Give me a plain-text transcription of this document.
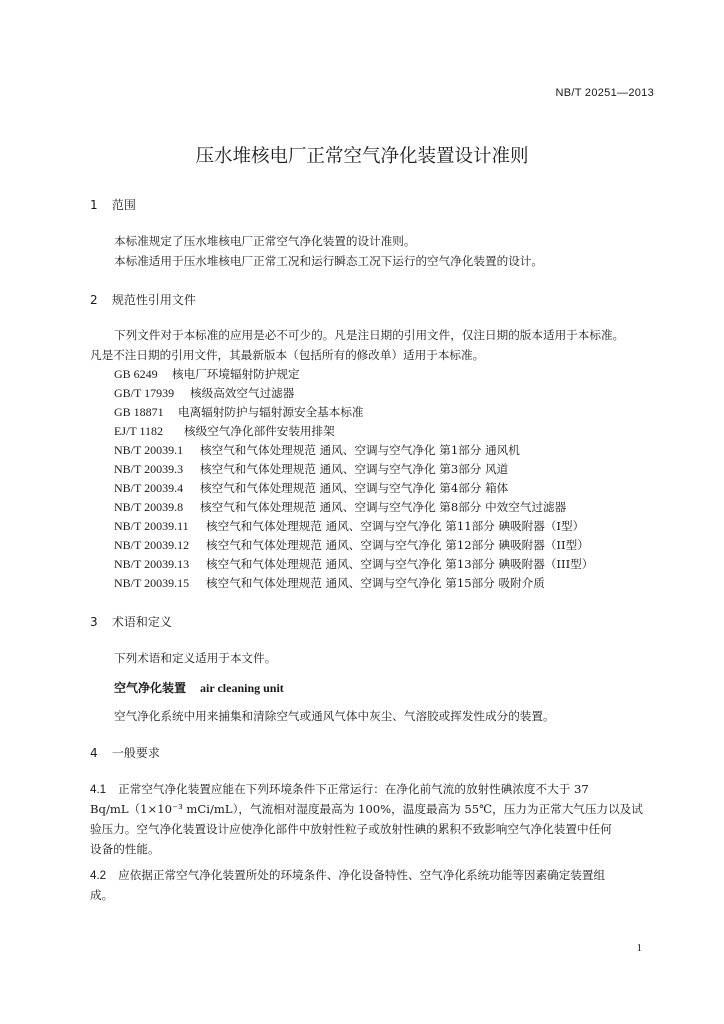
NB/T 20251—2013
压水堆核电厂正常空气净化装置设计准则
1 范围
本标准规定了压水堆核电厂正常空气净化装置的设计准则。
本标准适用于压水堆核电厂正常工况和运行瞬态工况下运行的空气净化装置的设计。
2 规范性引用文件
下列文件对于本标准的应用是必不可少的。凡是注日期的引用文件，仅注日期的版本适用于本标准。
凡是不注日期的引用文件，其最新版本（包括所有的修改单）适用于本标准。
GB 6249 核电厂环境辐射防护规定
GB/T 17939 核级高效空气过滤器
GB 18871 电离辐射防护与辐射源安全基本标准
EJ/T 1182 核级空气净化部件安装用排架
NB/T 20039.1 核空气和气体处理规范 通风、空调与空气净化 第1部分 通风机
NB/T 20039.3 核空气和气体处理规范 通风、空调与空气净化 第3部分 风道
NB/T 20039.4 核空气和气体处理规范 通风、空调与空气净化 第4部分 箱体
NB/T 20039.8 核空气和气体处理规范 通风、空调与空气净化 第8部分 中效空气过滤器
NB/T 20039.11 核空气和气体处理规范 通风、空调与空气净化 第11部分 碘吸附器（I型）
NB/T 20039.12 核空气和气体处理规范 通风、空调与空气净化 第12部分 碘吸附器（II型）
NB/T 20039.13 核空气和气体处理规范 通风、空调与空气净化 第13部分 碘吸附器（III型）
NB/T 20039.15 核空气和气体处理规范 通风、空调与空气净化 第15部分 吸附介质
3 术语和定义
下列术语和定义适用于本文件。
空气净化装置 air cleaning unit
空气净化系统中用来捕集和清除空气或通风气体中灰尘、气溶胶或挥发性成分的装置。
4 一般要求
4.1 正常空气净化装置应能在下列环境条件下正常运行：在净化前气流的放射性碘浓度不大于 37
Bq/mL（1×10⁻³ mCi/mL），气流相对湿度最高为 100%，温度最高为 55℃，压力为正常大气压力以及试
验压力。空气净化装置设计应使净化部件中放射性粒子或放射性碘的累积不致影响空气净化装置中任何
设备的性能。
4.2 应依据正常空气净化装置所处的环境条件、净化设备特性、空气净化系统功能等因素确定装置组
成。
1
